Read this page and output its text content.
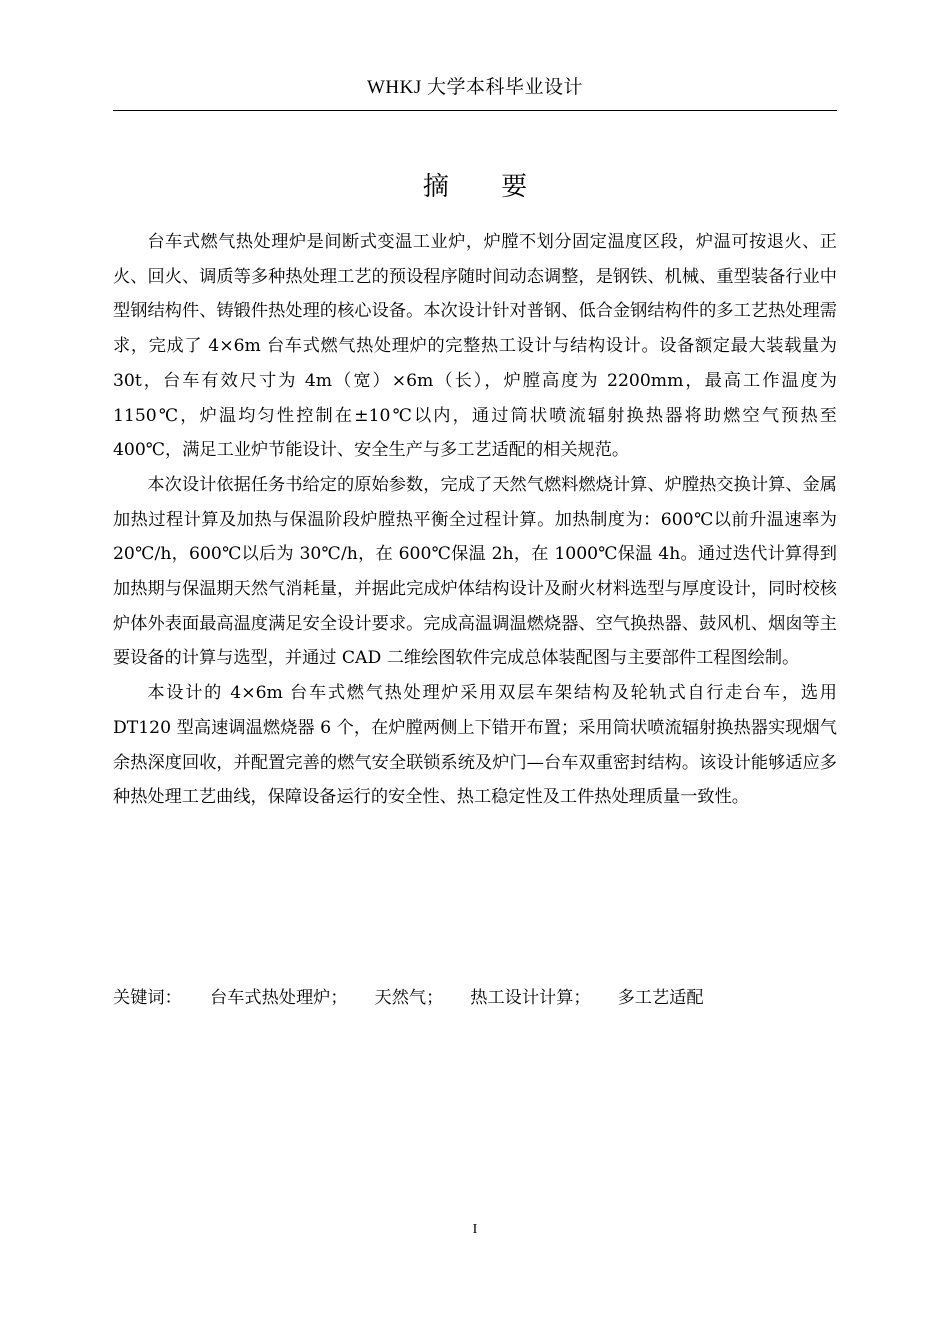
WHKJ 大学本科毕业设计
摘 要

台车式燃气热处理炉是间断式变温工业炉，炉膛不划分固定温度区段，炉温可按退火、正火、回火、调质等多种热处理工艺的预设程序随时间动态调整，是钢铁、机械、重型装备行业中型钢结构件、铸锻件热处理的核心设备。本次设计针对普钢、低合金钢结构件的多工艺热处理需求，完成了 4×6m 台车式燃气热处理炉的完整热工设计与结构设计。设备额定最大装载量为 30t，台车有效尺寸为 4m（宽）×6m（长），炉膛高度为 2200mm，最高工作温度为 1150℃，炉温均匀性控制在±10℃以内，通过筒状喷流辐射换热器将助燃空气预热至 400℃，满足工业炉节能设计、安全生产与多工艺适配的相关规范。

本次设计依据任务书给定的原始参数，完成了天然气燃料燃烧计算、炉膛热交换计算、金属加热过程计算及加热与保温阶段炉膛热平衡全过程计算。加热制度为：600℃以前升温速率为 20℃/h，600℃以后为 30℃/h，在 600℃保温 2h，在 1000℃保温 4h。通过迭代计算得到加热期与保温期天然气消耗量，并据此完成炉体结构设计及耐火材料选型与厚度设计，同时校核炉体外表面最高温度满足安全设计要求。完成高温调温燃烧器、空气换热器、鼓风机、烟囱等主要设备的计算与选型，并通过 CAD 二维绘图软件完成总体装配图与主要部件工程图绘制。

本设计的 4×6m 台车式燃气热处理炉采用双层车架结构及轮轨式自行走台车，选用 DT120 型高速调温燃烧器 6 个，在炉膛两侧上下错开布置；采用筒状喷流辐射换热器实现烟气余热深度回收，并配置完善的燃气安全联锁系统及炉门—台车双重密封结构。该设计能够适应多种热处理工艺曲线，保障设备运行的安全性、热工稳定性及工件热处理质量一致性。

关键词： 台车式热处理炉； 天然气； 热工设计计算； 多工艺适配
I
